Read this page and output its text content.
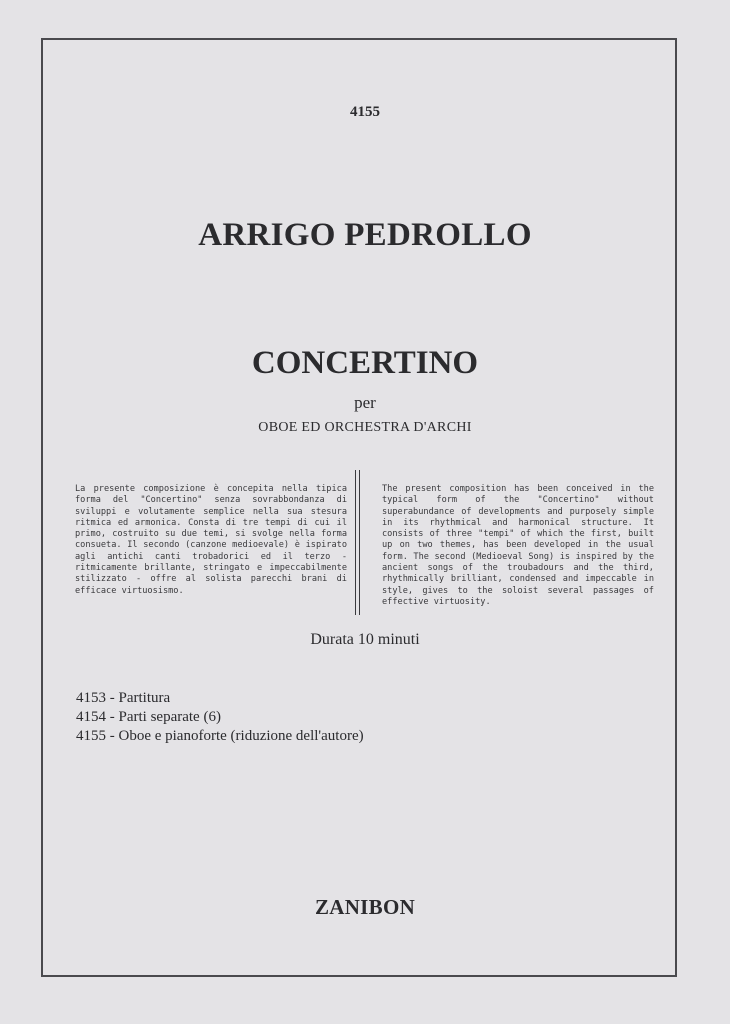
4155
ARRIGO PEDROLLO
CONCERTINO
per
OBOE ED ORCHESTRA D'ARCHI
La presente composizione è concepita nella tipica forma del "Concertino" senza sovrabbondanza di sviluppi e volutamente semplice nella sua stesura ritmica ed armonica. Consta di tre tempi di cui il primo, costruito su due temi, si svolge nella forma consueta. Il secondo (canzone medioevale) è ispirato agli antichi canti trobadorici ed il terzo - ritmicamente brillante, stringato e impeccabilmente stilizzato - offre al solista parecchi brani di efficace virtuosismo.
The present composition has been conceived in the typical form of the "Concertino" without superabundance of developments and purposely simple in its rhythmical and harmonical structure. It consists of three "tempi" of which the first, built up on two themes, has been developed in the usual form. The second (Medioeval Song) is inspired by the ancient songs of the troubadours and the third, rhythmically brilliant, condensed and impeccable in style, gives to the soloist several passages of effective virtuosity.
Durata 10 minuti
4153 - Partitura
4154 - Parti separate (6)
4155 - Oboe e pianoforte (riduzione dell'autore)
ZANIBON
